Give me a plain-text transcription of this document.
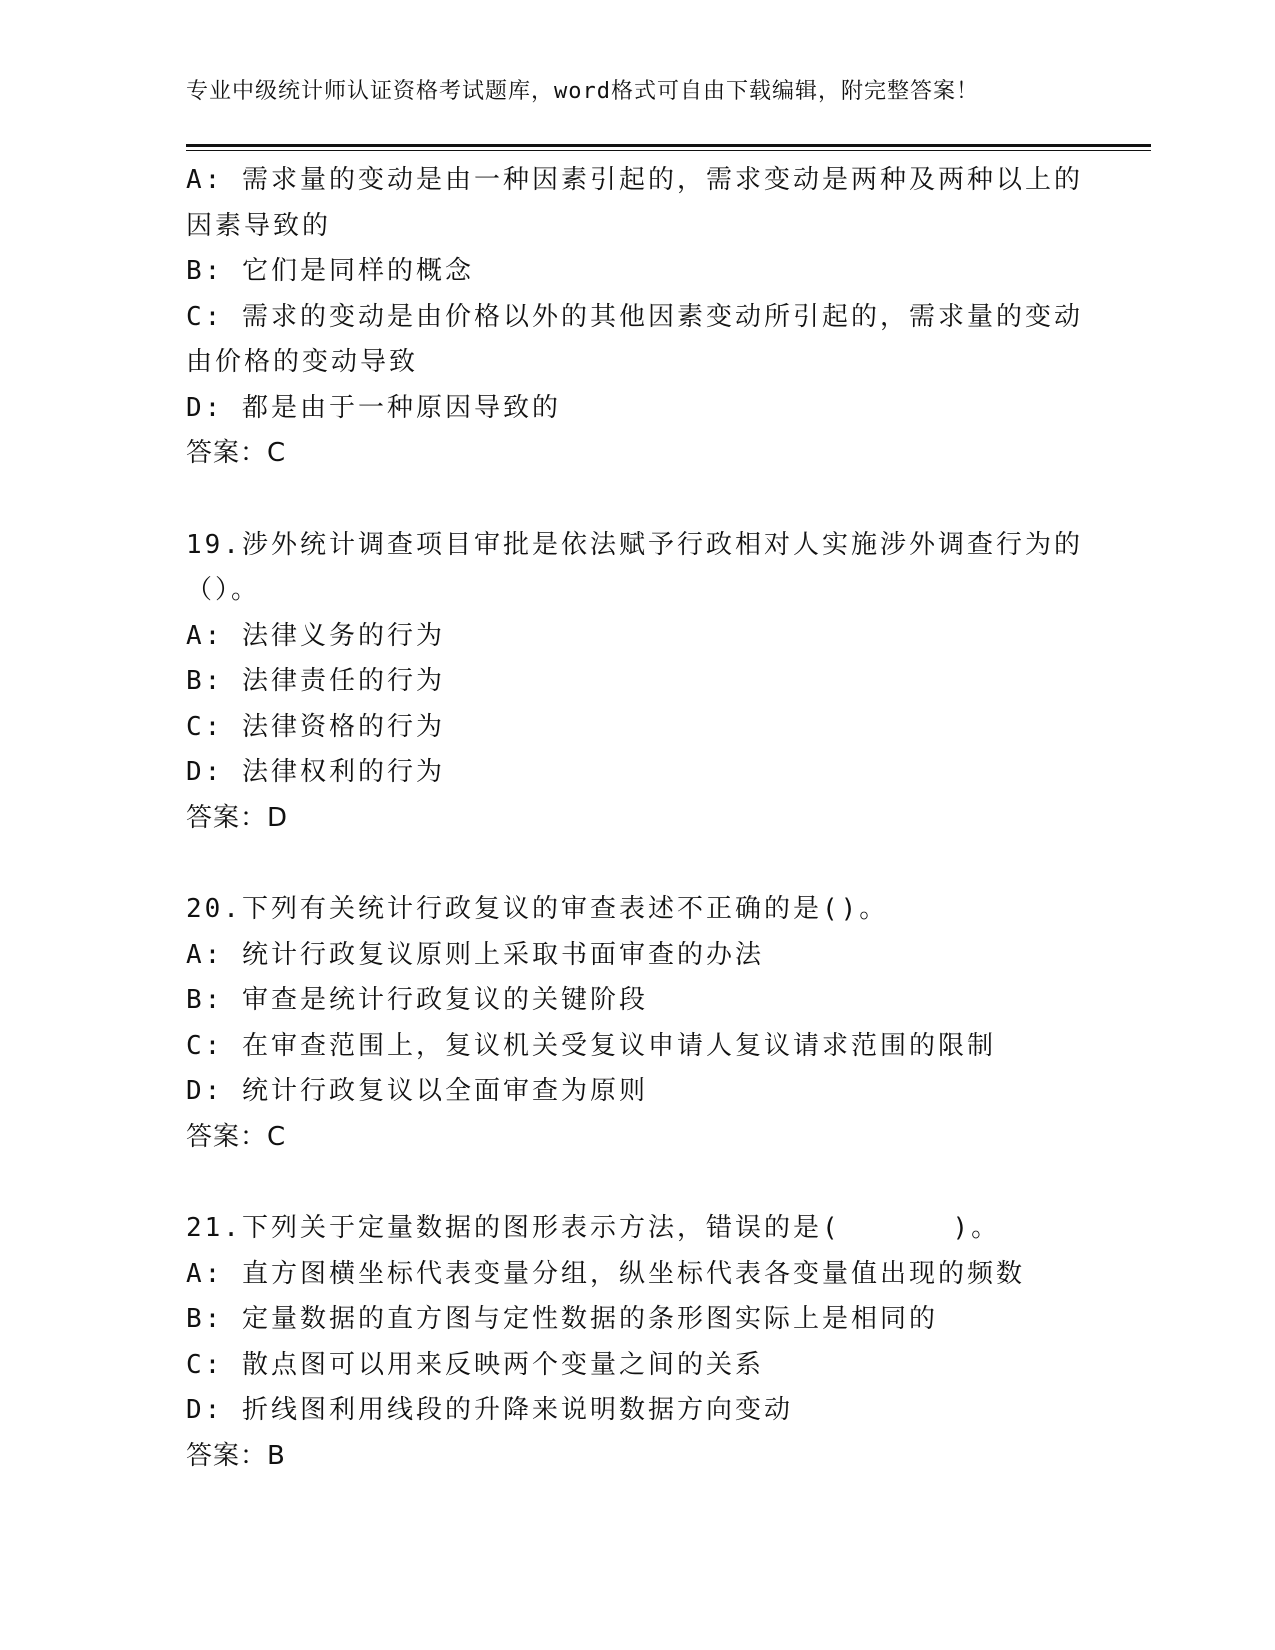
专业中级统计师认证资格考试题库，word格式可自由下载编辑，附完整答案！

A: 需求量的变动是由一种因素引起的，需求变动是两种及两种以上的

因素导致的

B: 它们是同样的概念

C: 需求的变动是由价格以外的其他因素变动所引起的，需求量的变动

由价格的变动导致

D: 都是由于一种原因导致的

答案：C

19.涉外统计调查项目审批是依法赋予行政相对人实施涉外调查行为的

（）。

A: 法律义务的行为

B: 法律责任的行为

C: 法律资格的行为

D: 法律权利的行为

答案：D

20.下列有关统计行政复议的审查表述不正确的是()。

A: 统计行政复议原则上采取书面审查的办法

B: 审查是统计行政复议的关键阶段

C: 在审查范围上，复议机关受复议申请人复议请求范围的限制

D: 统计行政复议以全面审查为原则

答案：C

21.下列关于定量数据的图形表示方法，错误的是(      )。

A: 直方图横坐标代表变量分组，纵坐标代表各变量值出现的频数

B: 定量数据的直方图与定性数据的条形图实际上是相同的

C: 散点图可以用来反映两个变量之间的关系

D: 折线图利用线段的升降来说明数据方向变动

答案：B
